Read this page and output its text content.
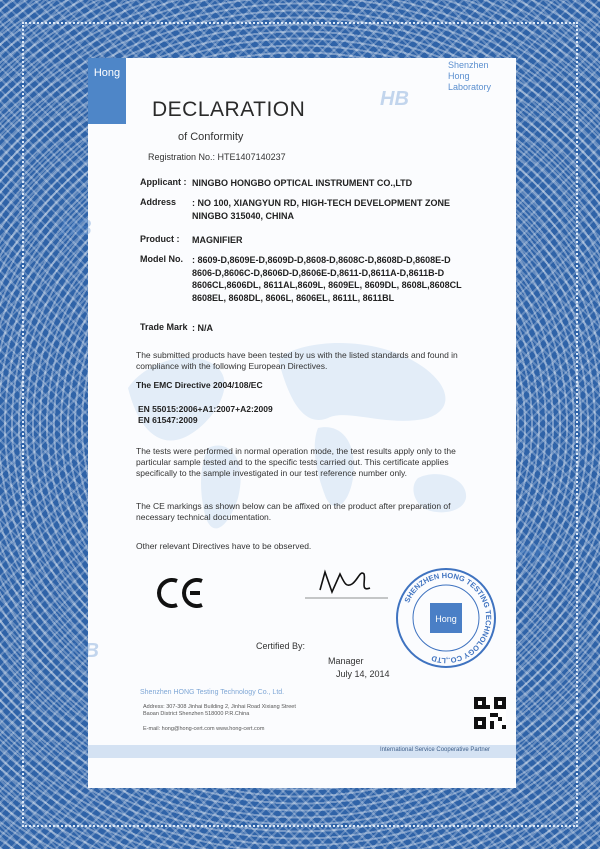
HB
HB
HB
HB
Hong
Shenzhen
Hong
Laboratory
DECLARATION
of Conformity
Registration No.: HTE1407140237
Applicant : NINGBO HONGBO OPTICAL INSTRUMENT CO.,LTD
Address : NO 100, XIANGYUN RD, HIGH-TECH DEVELOPMENT ZONE
NINGBO 315040, CHINA
Product : MAGNIFIER
Model No. : 8609-D,8609E-D,8609D-D,8608-D,8608C-D,8608D-D,8608E-D
8606-D,8606C-D,8606D-D,8606E-D,8611-D,8611A-D,8611B-D
8606CL,8606DL, 8611AL,8609L, 8609EL, 8609DL, 8608L,8608CL
8608EL, 8608DL, 8606L, 8606EL, 8611L, 8611BL
Trade Mark : N/A
The submitted products have been tested by us with the listed standards and found in
compliance with the following European Directives.
The EMC Directive 2004/108/EC
EN 55015:2006+A1:2007+A2:2009
EN 61547:2009
The tests were performed in normal operation mode, the test results apply only to the
particular sample tested and to the specific tests carried out. This certificate applies
specifically to the sample investigated in our test reference number only.
The CE markings as shown below can be affixed on the product after preparation of
necessary technical documentation.
Other relevant Directives have to be observed.
SHENZHEN HONG TESTING TECHNOLOGY CO.,LTD
Hong
Certified By:
Manager
July 14, 2014
Shenzhen HONG Testing Technology Co., Ltd.
Address: 307-308 Jinhai Building 2, Jinhai Road Xixiang Street
Baoan District Shenzhen 518000 P.R.China
E-mail: hong@hong-cert.com www.hong-cert.com
International Service Cooperative Partner
